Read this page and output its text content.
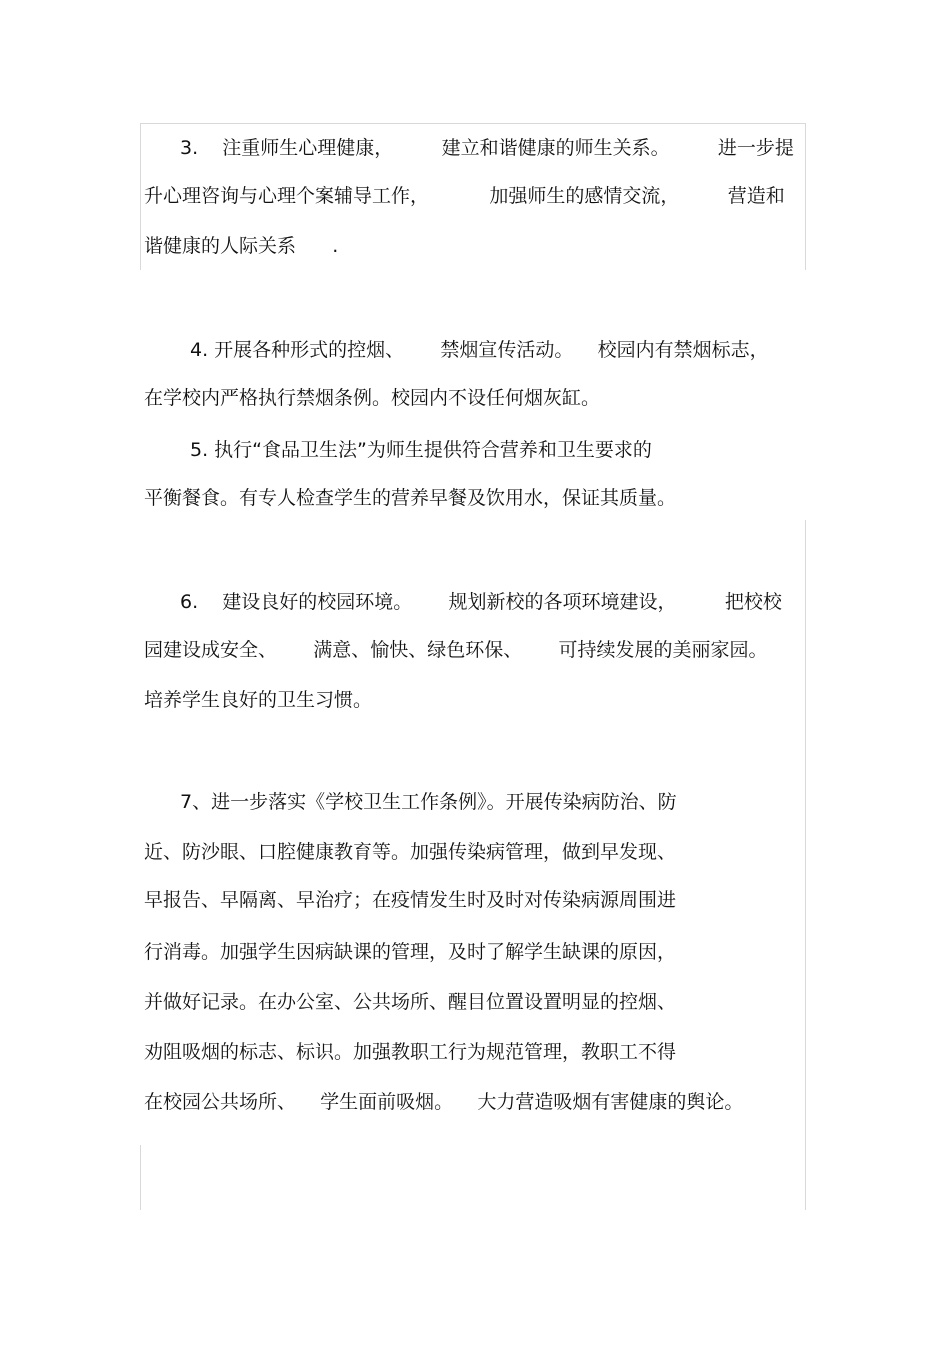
3.    注重师生心理健康，        建立和谐健康的师生关系。        进一步提
升心理咨询与心理个案辅导工作，          加强师生的感情交流，        营造和
谐健康的人际关系      .
4. 开展各种形式的控烟、      禁烟宣传活动。    校园内有禁烟标志，
在学校内严格执行禁烟条例。校园内不设任何烟灰缸。
5. 执行“食品卫生法”为师生提供符合营养和卫生要求的
平衡餐食。有专人检查学生的营养早餐及饮用水，保证其质量。
6.    建设良好的校园环境。      规划新校的各项环境建设，        把校校
园建设成安全、      满意、愉快、绿色环保、      可持续发展的美丽家园。
培养学生良好的卫生习惯。
7、进一步落实《学校卫生工作条例》。开展传染病防治、防
近、防沙眼、口腔健康教育等。加强传染病管理，做到早发现、
早报告、早隔离、早治疗；在疫情发生时及时对传染病源周围进
行消毒。加强学生因病缺课的管理，及时了解学生缺课的原因，
并做好记录。在办公室、公共场所、醒目位置设置明显的控烟、
劝阻吸烟的标志、标识。加强教职工行为规范管理，教职工不得
在校园公共场所、    学生面前吸烟。    大力营造吸烟有害健康的舆论。
